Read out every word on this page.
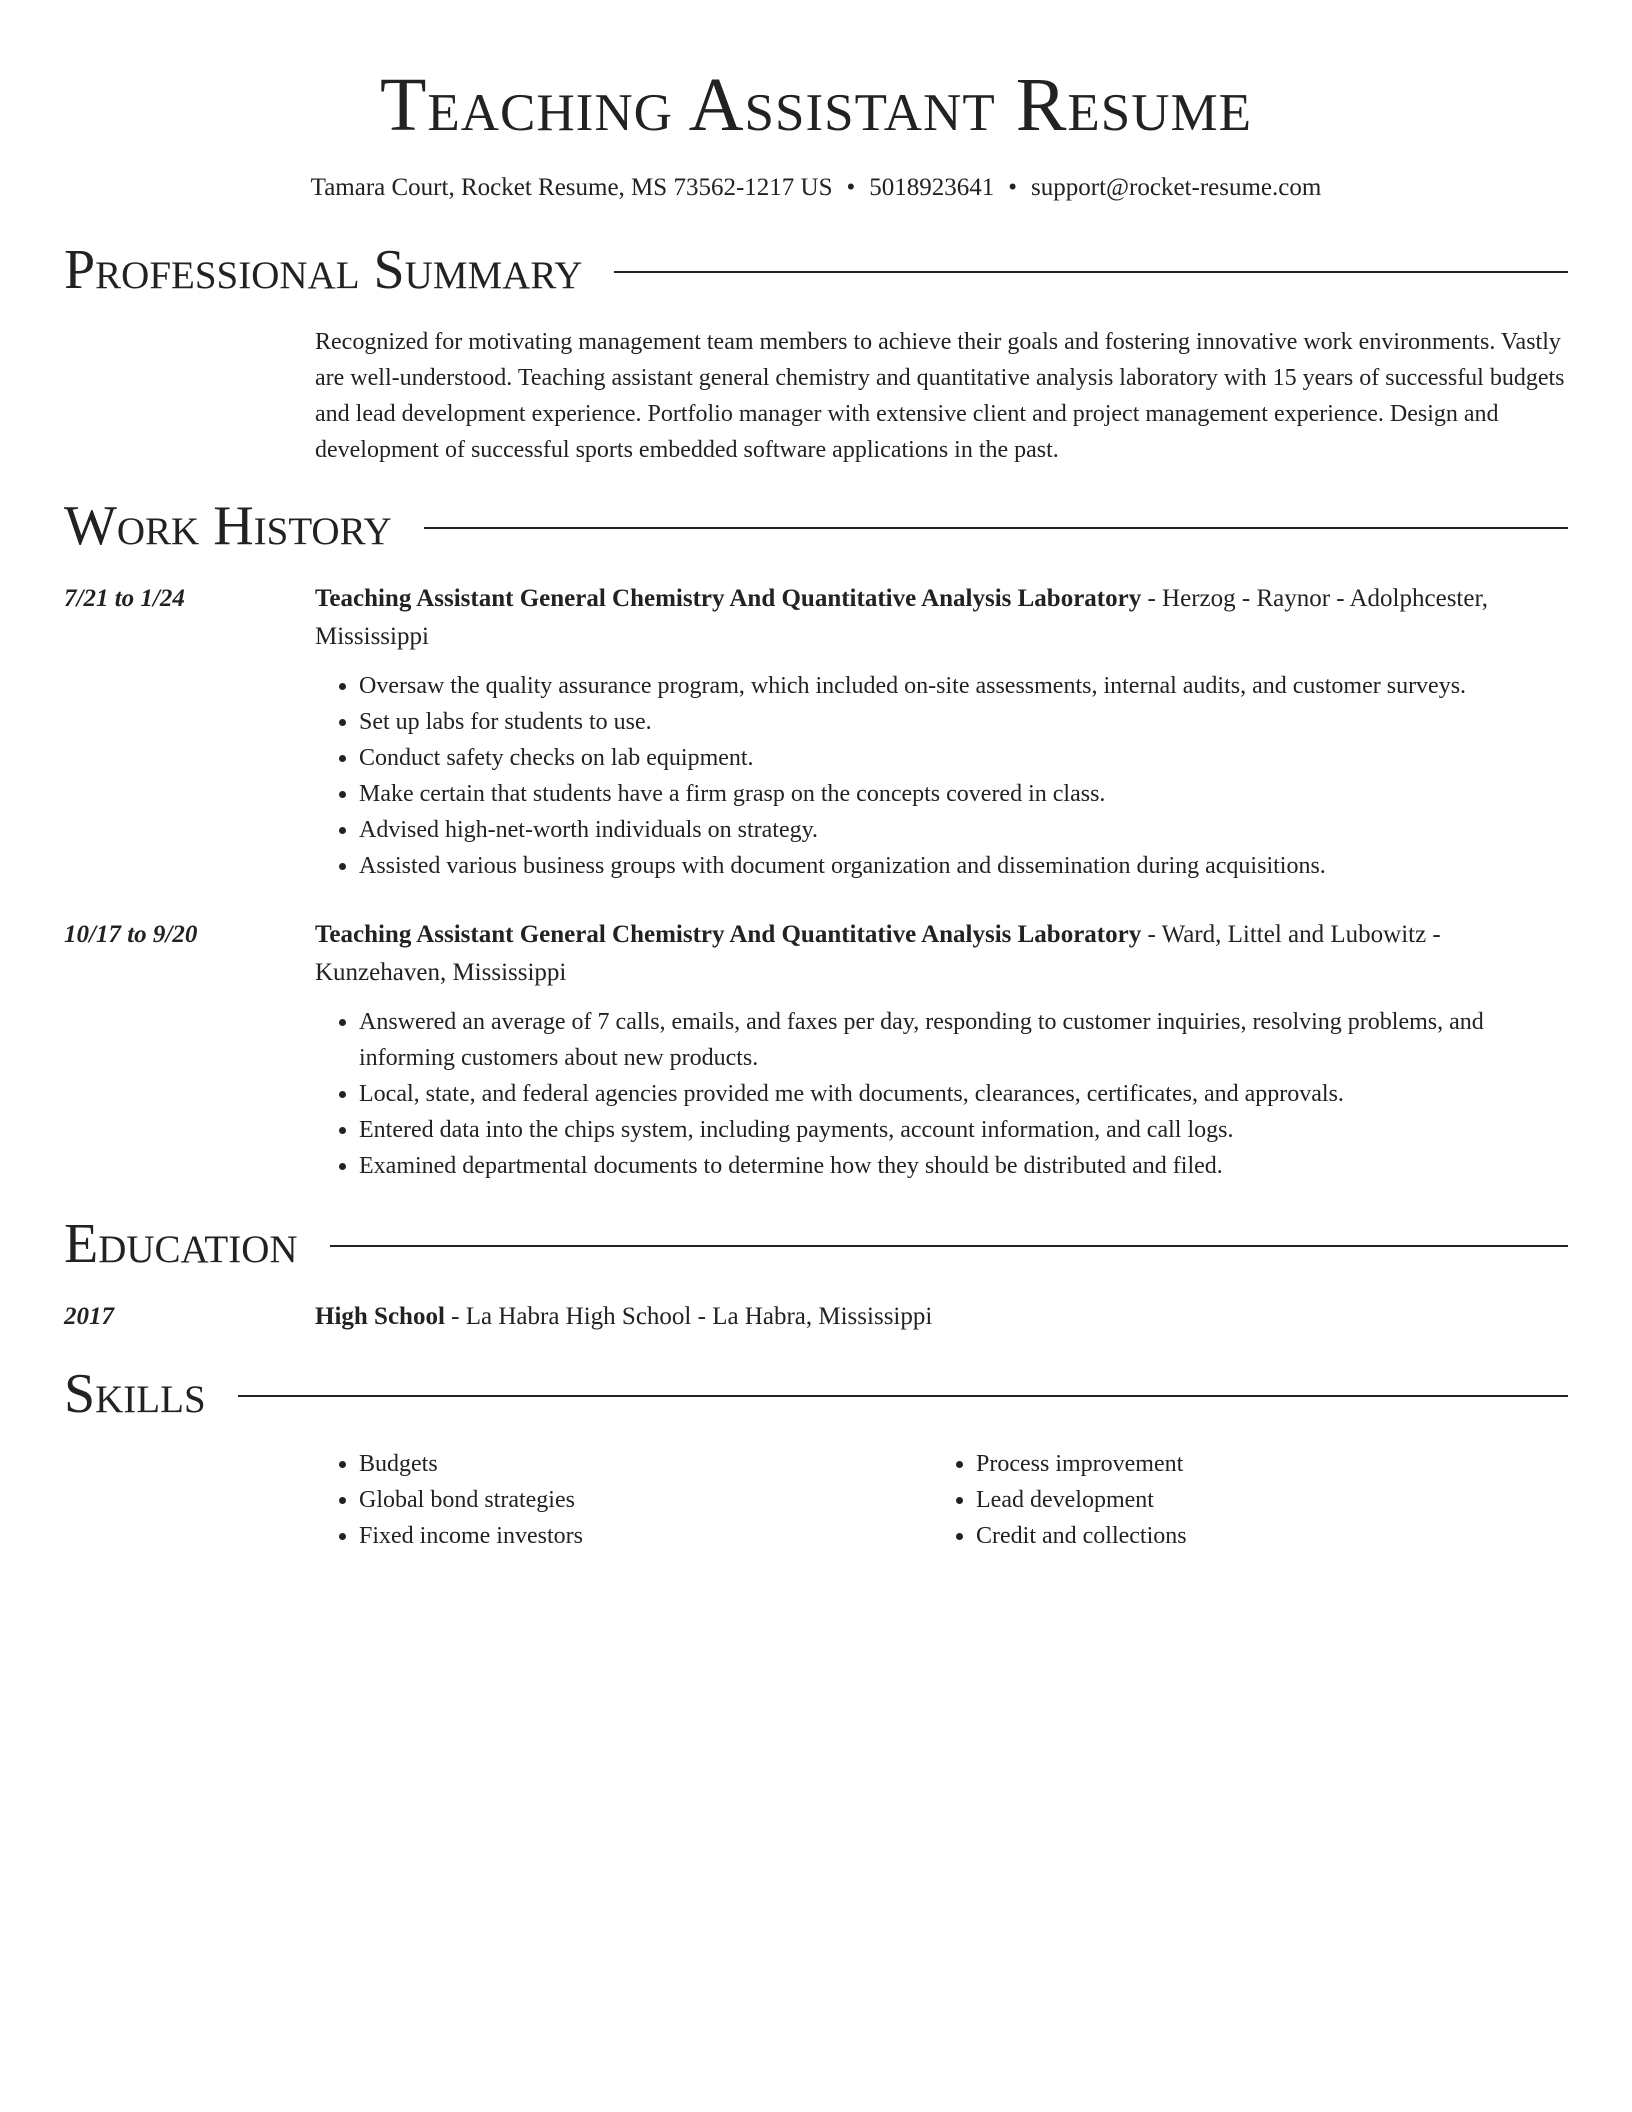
Teaching Assistant Resume
Tamara Court, Rocket Resume, MS 73562-1217 US • 5018923641 • support@rocket-resume.com
Professional Summary
Recognized for motivating management team members to achieve their goals and fostering innovative work environments. Vastly are well-understood. Teaching assistant general chemistry and quantitative analysis laboratory with 15 years of successful budgets and lead development experience. Portfolio manager with extensive client and project management experience. Design and development of successful sports embedded software applications in the past.
Work History
7/21 to 1/24	Teaching Assistant General Chemistry And Quantitative Analysis Laboratory - Herzog - Raynor - Adolphcester, Mississippi
• Oversaw the quality assurance program, which included on-site assessments, internal audits, and customer surveys.
• Set up labs for students to use.
• Conduct safety checks on lab equipment.
• Make certain that students have a firm grasp on the concepts covered in class.
• Advised high-net-worth individuals on strategy.
• Assisted various business groups with document organization and dissemination during acquisitions.
10/17 to 9/20	Teaching Assistant General Chemistry And Quantitative Analysis Laboratory - Ward, Littel and Lubowitz - Kunzehaven, Mississippi
• Answered an average of 7 calls, emails, and faxes per day, responding to customer inquiries, resolving problems, and informing customers about new products.
• Local, state, and federal agencies provided me with documents, clearances, certificates, and approvals.
• Entered data into the chips system, including payments, account information, and call logs.
• Examined departmental documents to determine how they should be distributed and filed.
Education
2017	High School - La Habra High School - La Habra, Mississippi
Skills
• Budgets
• Global bond strategies
• Fixed income investors
• Process improvement
• Lead development
• Credit and collections
